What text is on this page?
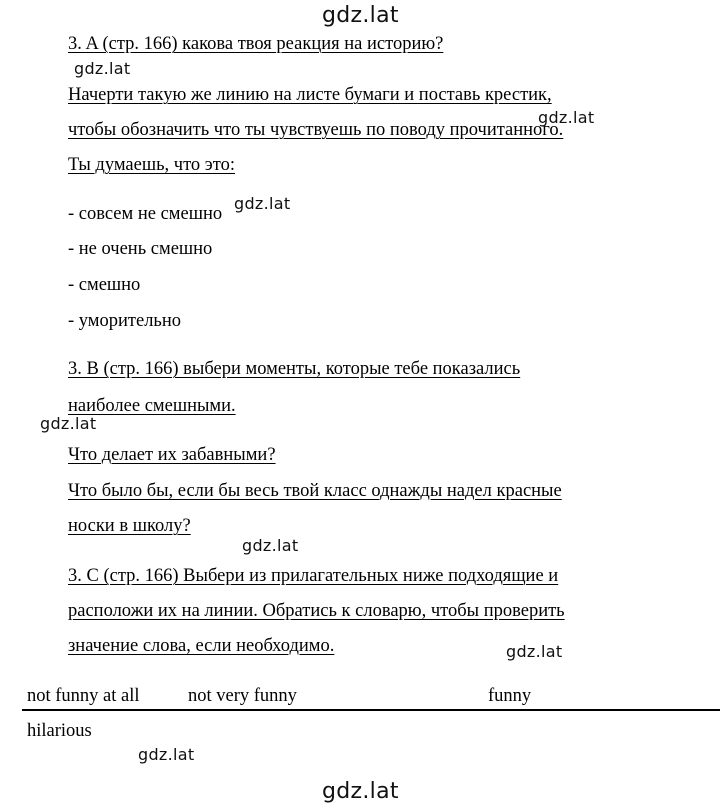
gdz.lat
gdz.lat
gdz.lat
gdz.lat
gdz.lat
gdz.lat
gdz.lat
gdz.lat
gdz.lat
3. A (стр. 166) какова твоя реакция на историю?
Начерти такую же линию на листе бумаги и поставь крестик,
чтобы обозначить что ты чувствуешь по поводу прочитанного.
Ты думаешь, что это:
- совсем не смешно
- не очень смешно
- смешно
- уморительно
3. B (стр. 166) выбери моменты, которые тебе показались
наиболее смешными.
Что делает их забавными?
Что было бы, если бы весь твой класс однажды надел красные
носки в школу?
3. C (стр. 166) Выбери из прилагательных ниже подходящие и
расположи их на линии. Обратись к словарю, чтобы проверить
значение слова, если необходимо.
not funny at all	not very funny	funny
hilarious
